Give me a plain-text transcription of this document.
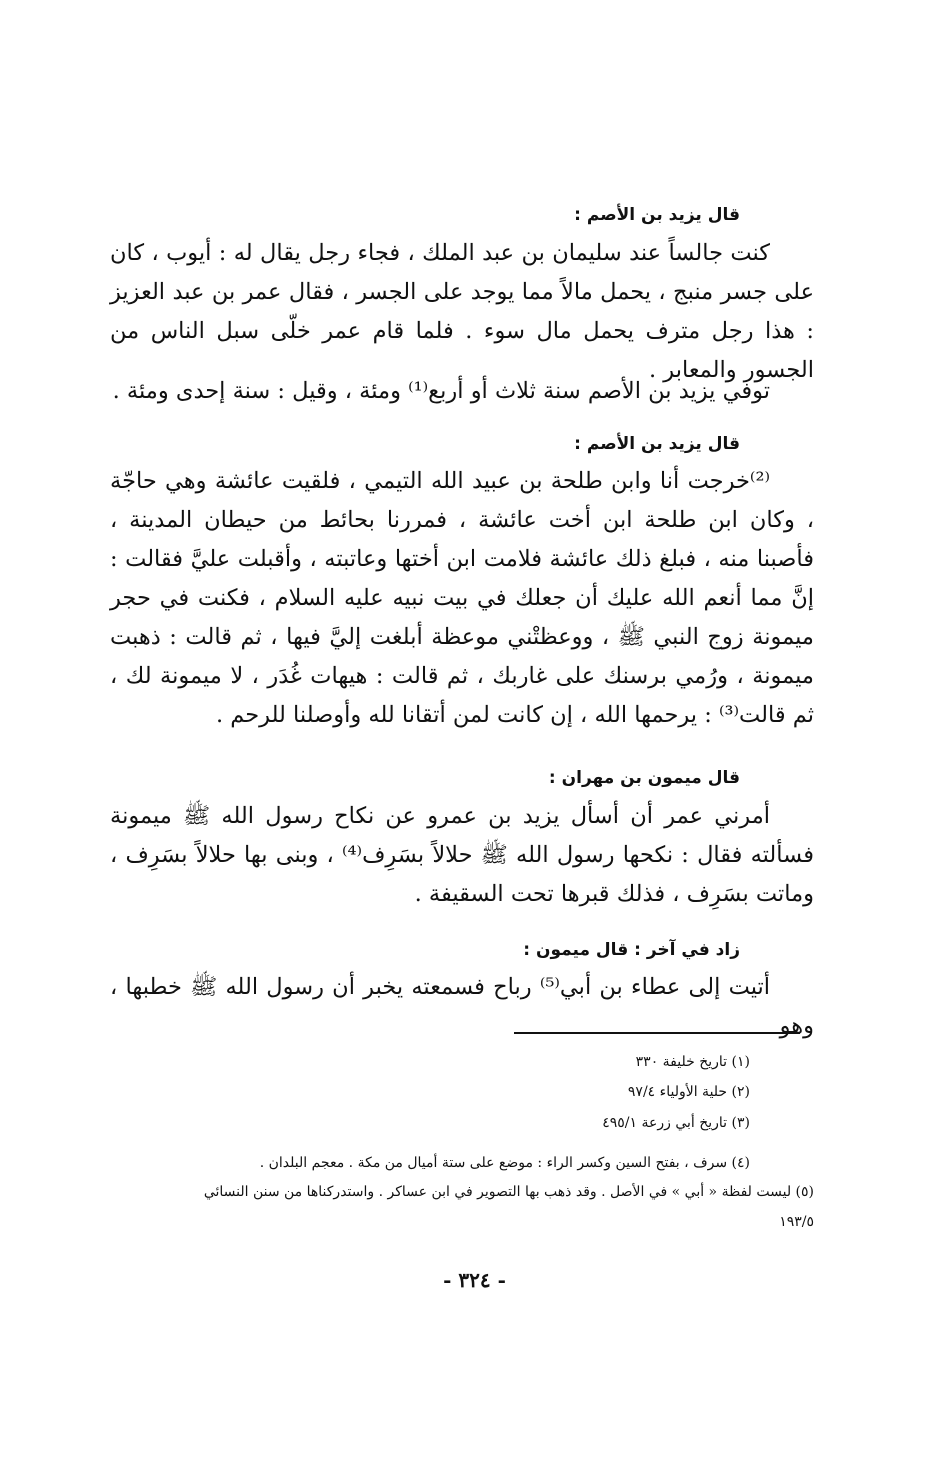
قال يزيد بن الأصم :

كنت جالساً عند سليمان بن عبد الملك ، فجاء رجل يقال له : أيوب ، كان على جسر منبج ، يحمل مالاً مما يوجد على الجسر ، فقال عمر بن عبد العزيز : هذا رجل مترف يحمل مال سوء . فلما قام عمر خلّى سبل الناس من الجسور والمعابر .

توفي يزيد بن الأصم سنة ثلاث أو أربع⁽¹⁾ ومئة ، وقيل : سنة إحدى ومئة .

قال يزيد بن الأصم :

⁽²⁾خرجت أنا وابن طلحة بن عبيد الله التيمي ، فلقيت عائشة وهي حاجّة ، وكان ابن طلحة ابن أخت عائشة ، فمررنا بحائط من حيطان المدينة ، فأصبنا منه ، فبلغ ذلك عائشة فلامت ابن أختها وعاتبته ، وأقبلت عليَّ فقالت : إنَّ مما أنعم الله عليك أن جعلك في بيت نبيه عليه السلام ، فكنت في حجر ميمونة زوج النبي ﷺ ، ووعظتْني موعظة أبلغت إليَّ فيها ، ثم قالت : ذهبت ميمونة ، ورُمي برسنك على غاربك ، ثم قالت : هيهات غُدَر ، لا ميمونة لك ، ثم قالت⁽³⁾ : يرحمها الله ، إن كانت لمن أتقانا لله وأوصلنا للرحم .

قال ميمون بن مهران :

أمرني عمر أن أسأل يزيد بن عمرو عن نكاح رسول الله ﷺ ميمونة فسألته فقال : نكحها رسول الله ﷺ حلالاً بسَرِف⁽⁴⁾ ، وبنى بها حلالاً بسَرِف ، وماتت بسَرِف ، فذلك قبرها تحت السقيفة .

زاد في آخر : قال ميمون :

أتيت إلى عطاء بن أبي⁽⁵⁾ رباح فسمعته يخبر أن رسول الله ﷺ خطبها ، وهو

(١) تاريخ خليفة ٣٣٠
(٢) حلية الأولياء ٩٧/٤
(٣) تاريخ أبي زرعة ٤٩٥/١
(٤) سرف ، بفتح السين وكسر الراء : موضع على ستة أميال من مكة . معجم البلدان .
(٥) ليست لفظة « أبي » في الأصل . وقد ذهب بها التصوير في ابن عساكر . واستدركناها من سنن النسائي
١٩٣/٥
- ٣٢٤ -
